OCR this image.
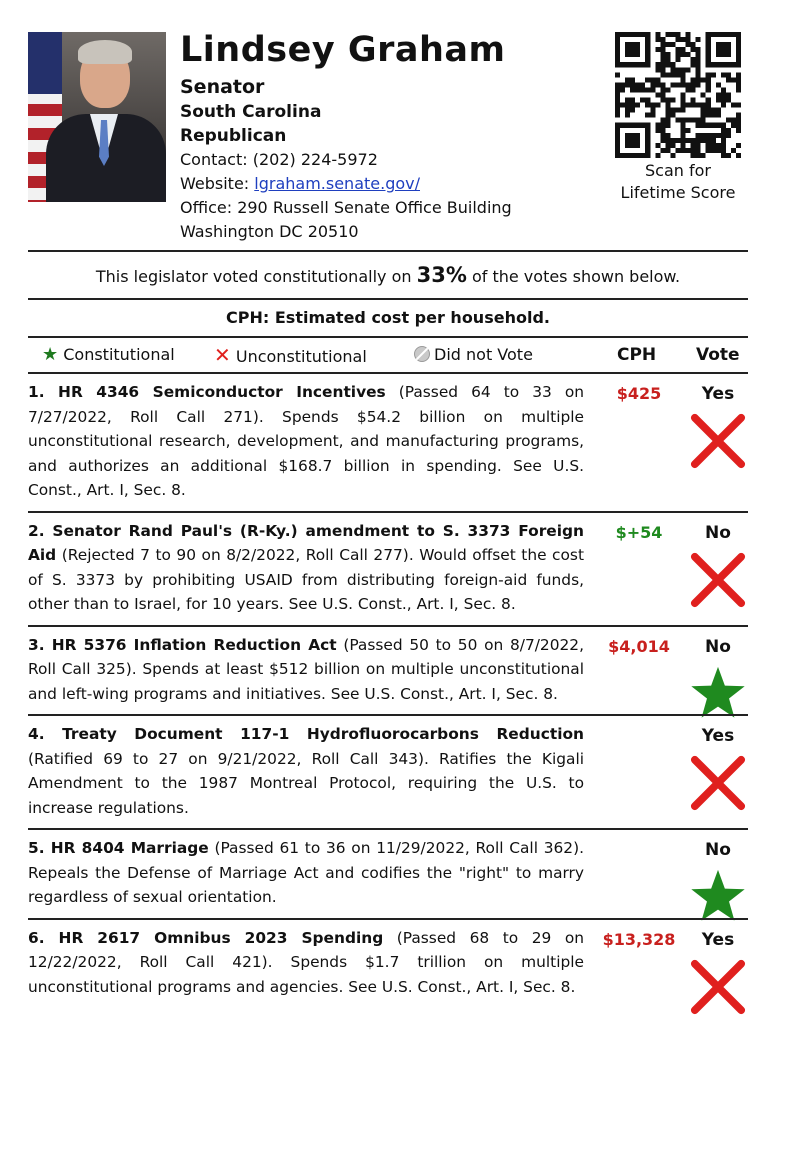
Lindsey Graham
Senator
South Carolina
Republican
Contact: (202) 224-5972
Website: lgraham.senate.gov/
Office: 290 Russell Senate Office Building
Washington DC 20510
Scan for
Lifetime Score
This legislator voted constitutionally on 33% of the votes shown below.
CPH: Estimated cost per household.
★ Constitutional ✕ Unconstitutional	Did not Vote	CPH Vote
1. HR 4346 Semiconductor Incentives (Passed 64 to 33 on 7/27/2022, Roll Call 271). Spends $54.2 billion on multiple unconstitutional research, development, and manufacturing programs, and authorizes an additional $168.7 billion in spending. See U.S. Const., Art. I, Sec. 8.
$425	Yes
2. Senator Rand Paul's (R-Ky.) amendment to S. 3373 Foreign Aid (Rejected 7 to 90 on 8/2/2022, Roll Call 277). Would offset the cost of S. 3373 by prohibiting USAID from distributing foreign-aid funds, other than to Israel, for 10 years. See U.S. Const., Art. I, Sec. 8.
$+54	No
3. HR 5376 Inflation Reduction Act (Passed 50 to 50 on 8/7/2022, Roll Call 325). Spends at least $512 billion on multiple unconstitutional and left-wing programs and initiatives. See U.S. Const., Art. I, Sec. 8.
$4,014	No
4. Treaty Document 117-1 Hydrofluorocarbons Reduction (Ratified 69 to 27 on 9/21/2022, Roll Call 343). Ratifies the Kigali Amendment to the 1987 Montreal Protocol, requiring the U.S. to increase regulations.
Yes
5. HR 8404 Marriage (Passed 61 to 36 on 11/29/2022, Roll Call 362). Repeals the Defense of Marriage Act and codifies the "right" to marry regardless of sexual orientation.
No
6. HR 2617 Omnibus 2023 Spending (Passed 68 to 29 on 12/22/2022, Roll Call 421). Spends $1.7 trillion on multiple unconstitutional programs and agencies. See U.S. Const., Art. I, Sec. 8.
$13,328	Yes
